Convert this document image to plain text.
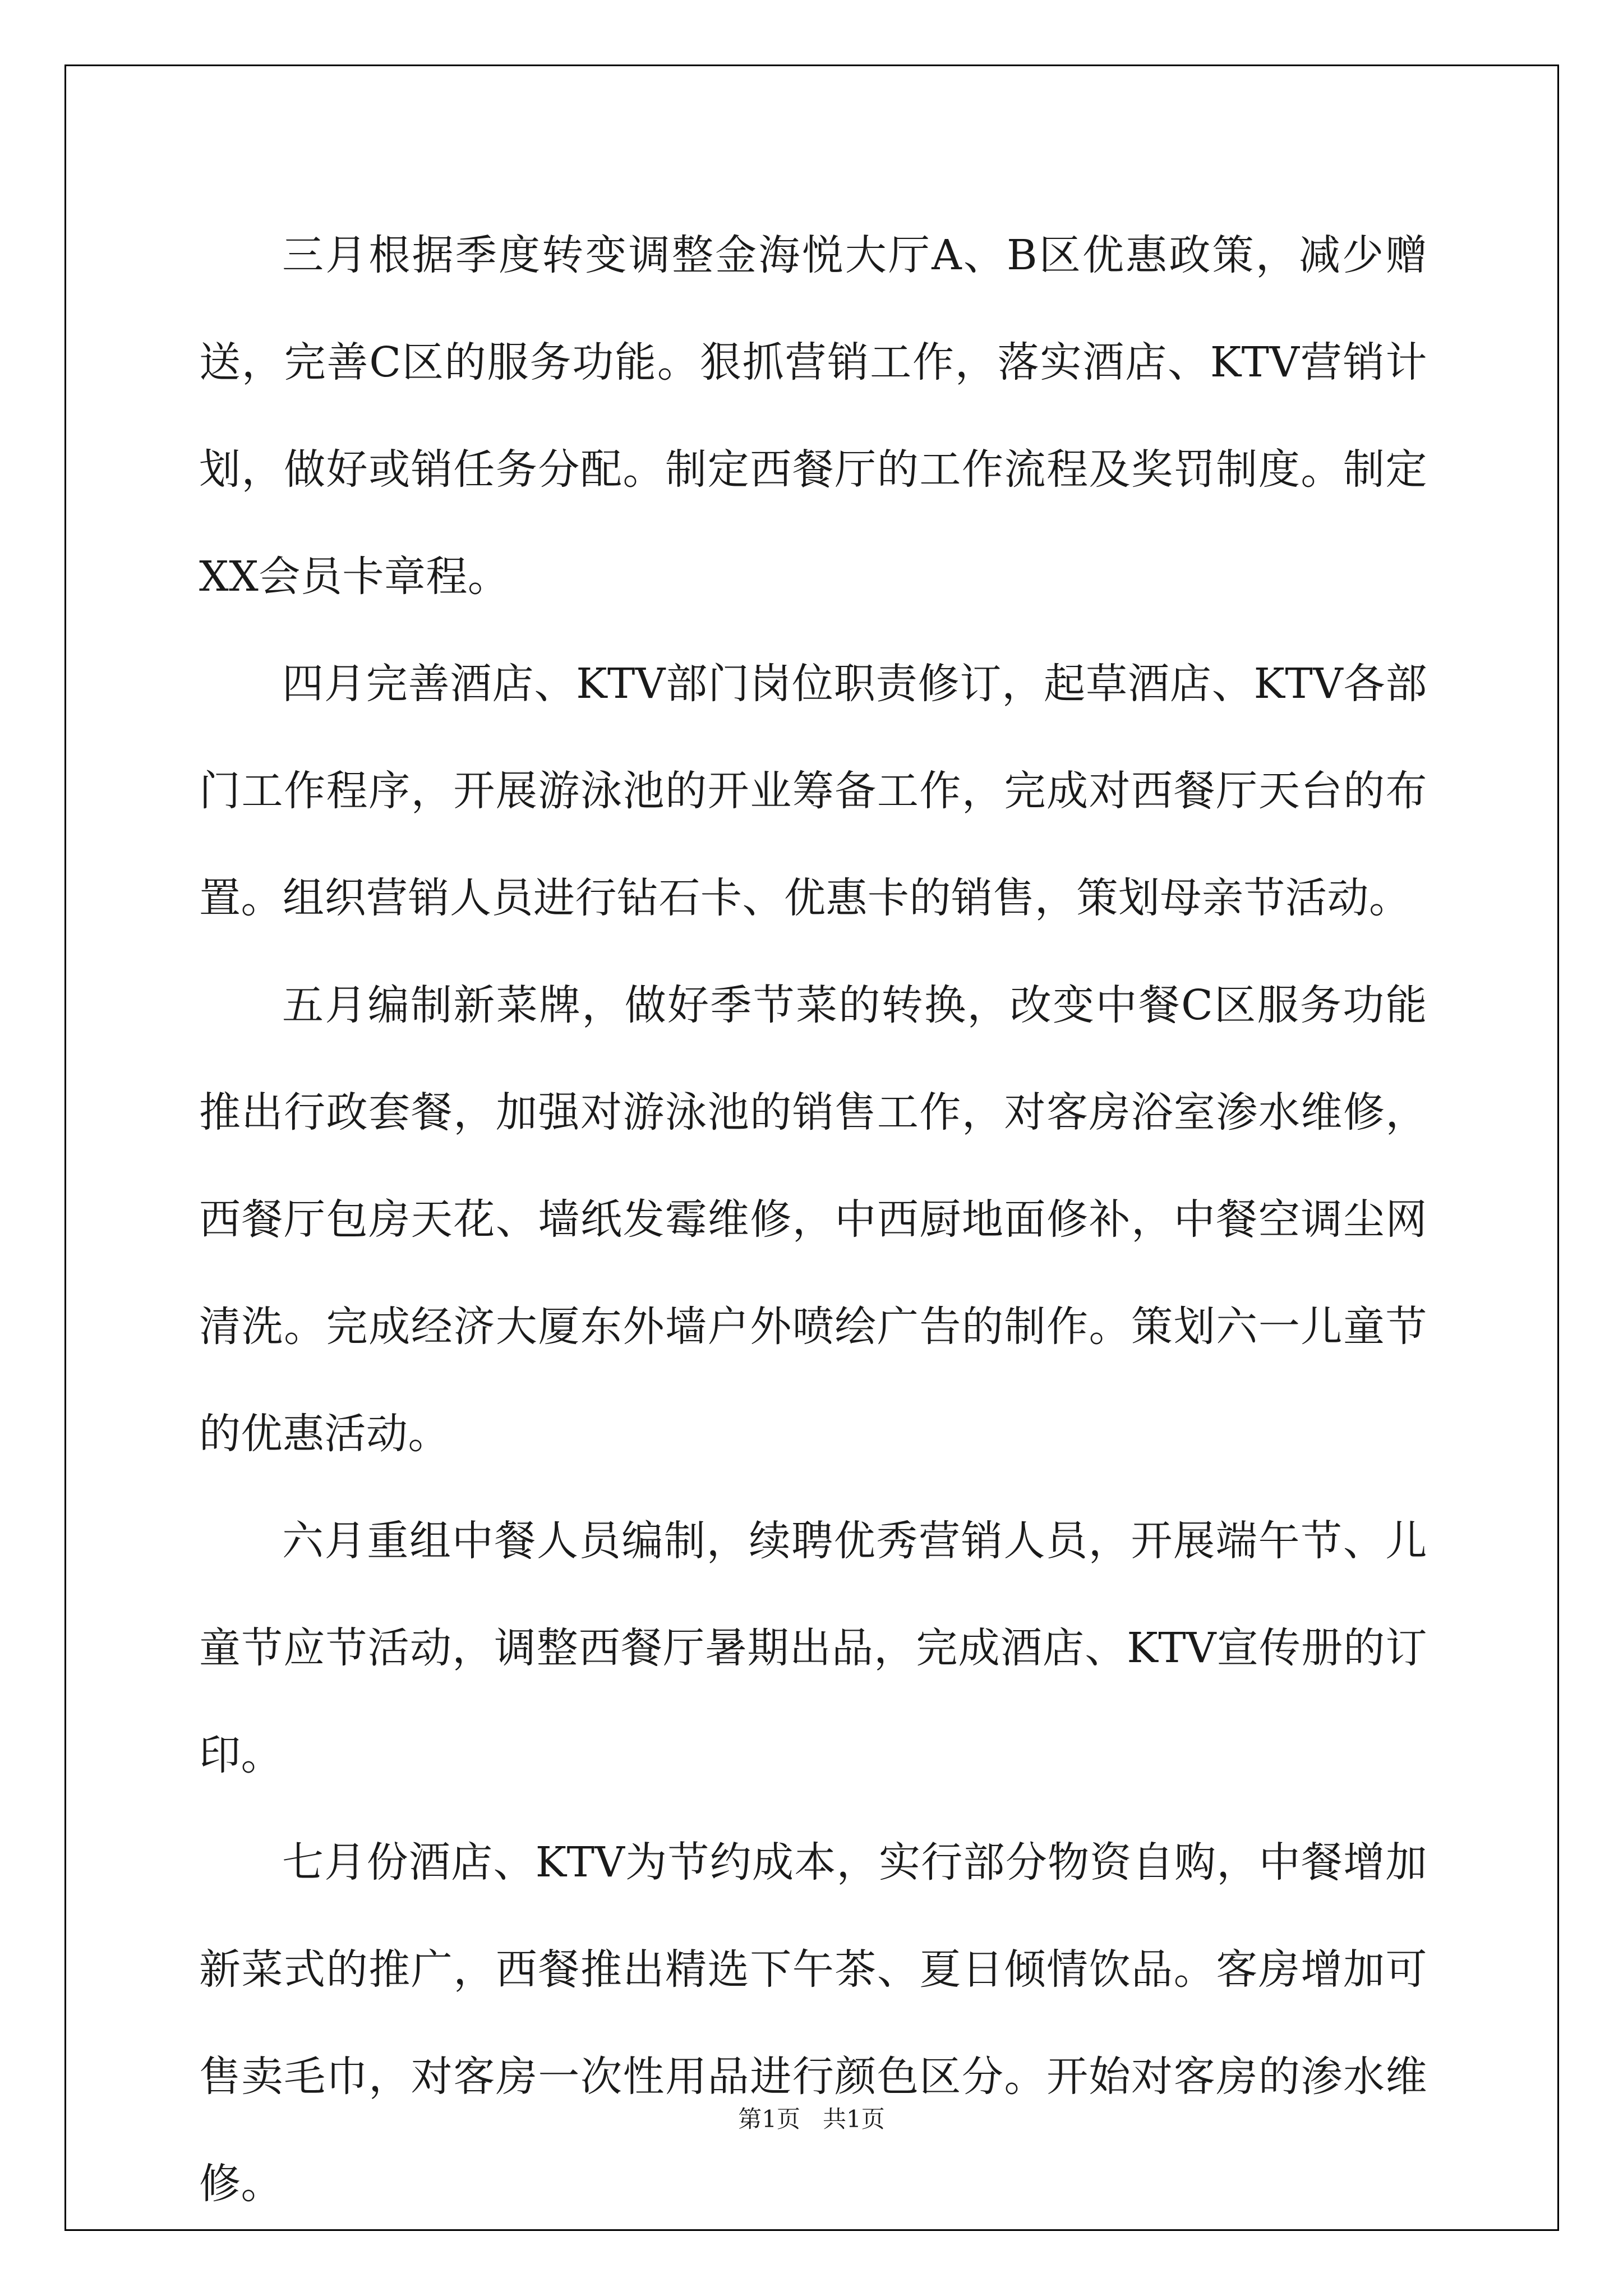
三月根据季度转变调整金海悦大厅A、B区优惠政策，减少赠送，完善C区的服务功能。狠抓营销工作，落实酒店、KTV营销计划，做好或销任务分配。制定西餐厅的工作流程及奖罚制度。制定XX会员卡章程。

四月完善酒店、KTV部门岗位职责修订，起草酒店、KTV各部门工作程序，开展游泳池的开业筹备工作，完成对西餐厅天台的布置。组织营销人员进行钻石卡、优惠卡的销售，策划母亲节活动。

五月编制新菜牌，做好季节菜的转换，改变中餐C区服务功能推出行政套餐，加强对游泳池的销售工作，对客房浴室渗水维修，西餐厅包房天花、墙纸发霉维修，中西厨地面修补，中餐空调尘网清洗。完成经济大厦东外墙户外喷绘广告的制作。策划六一儿童节的优惠活动。

六月重组中餐人员编制，续聘优秀营销人员，开展端午节、儿童节应节活动，调整西餐厅暑期出品，完成酒店、KTV宣传册的订印。

七月份酒店、KTV为节约成本，实行部分物资自购，中餐增加新菜式的推广，西餐推出精选下午茶、夏日倾情饮品。客房增加可售卖毛巾，对客房一次性用品进行颜色区分。开始对客房的渗水维修。

第1页   共1页
